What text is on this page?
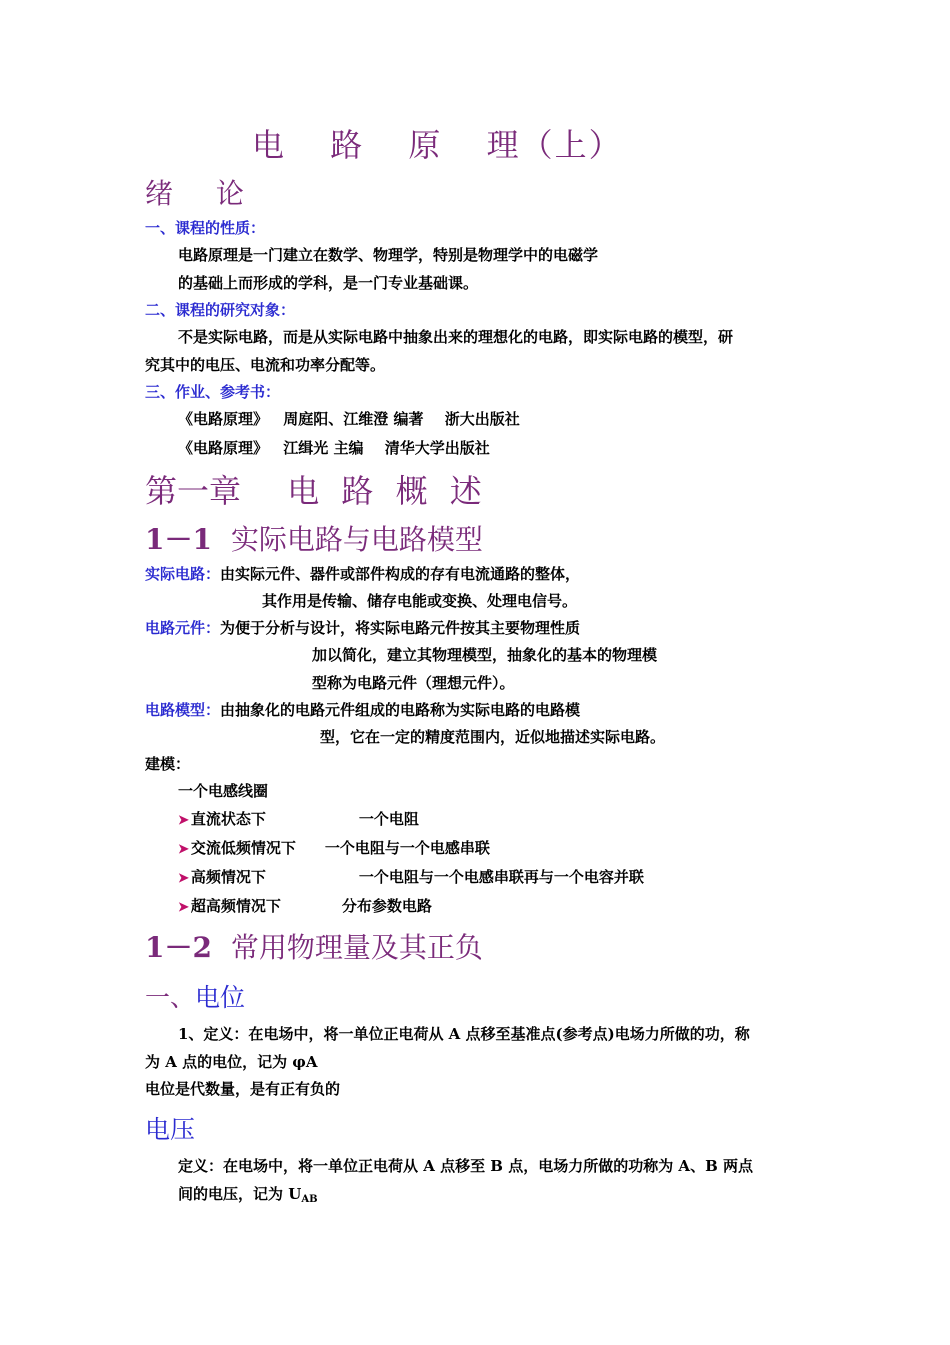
电 路 原 理（上）
绪 论
一、课程的性质：
电路原理是一门建立在数学、物理学，特别是物理学中的电磁学
的基础上而形成的学科，是一门专业基础课。
二、课程的研究对象：
不是实际电路，而是从实际电路中抽象出来的理想化的电路，即实际电路的模型，研
究其中的电压、电流和功率分配等。
三、作业、参考书：
《电路原理》 周庭阳、江维澄 编著 浙大出版社
《电路原理》 江缉光 主编 清华大学出版社
第一章 电 路 概 述
1－1 实际电路与电路模型
实际电路：由实际元件、器件或部件构成的存有电流通路的整体，
其作用是传输、储存电能或变换、处理电信号。
电路元件：为便于分析与设计，将实际电路元件按其主要物理性质
加以简化，建立其物理模型，抽象化的基本的物理模
型称为电路元件（理想元件）。
电路模型：由抽象化的电路元件组成的电路称为实际电路的电路模
型，它在一定的精度范围内，近似地描述实际电路。
建模：
一个电感线圈
➤ 直流状态下	一个电阻
➤ 交流低频情况下 一个电阻与一个电感串联
➤ 高频情况下	一个电阻与一个电感串联再与一个电容并联
➤ 超高频情况下	分布参数电路
1－2 常用物理量及其正负
一、电位
1、定义：在电场中，将一单位正电荷从 A 点移至基准点(参考点)电场力所做的功，称
为 A 点的电位，记为 φA
电位是代数量，是有正有负的
电压
定义：在电场中，将一单位正电荷从 A 点移至 B 点，电场力所做的功称为 A、B 两点
间的电压，记为 $U_{AB}$
